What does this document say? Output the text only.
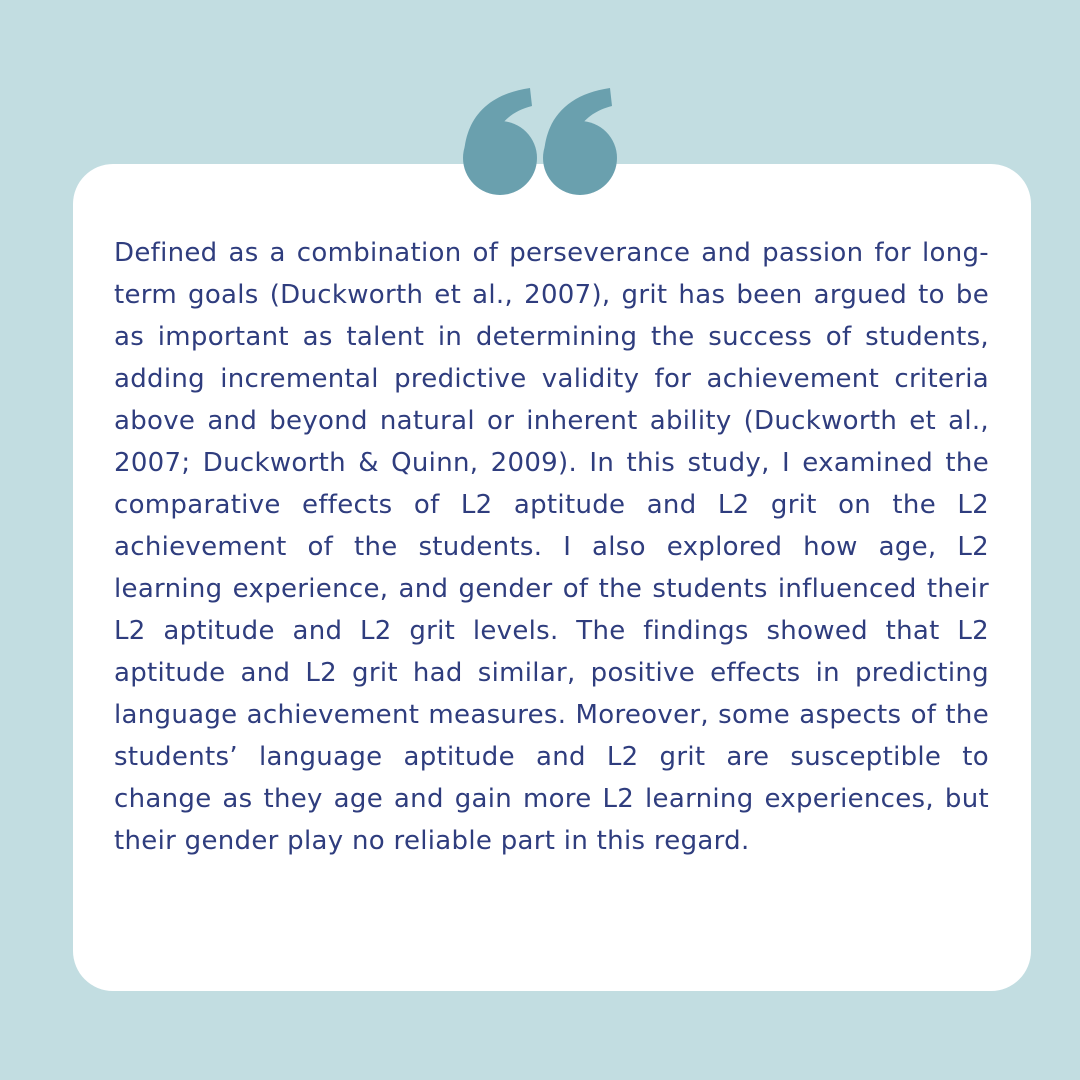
Defined as a combination of perseverance and passion for long-term goals (Duckworth et al., 2007), grit has been argued to be as important as talent in determining the success of students, adding incremental predictive validity for achievement criteria above and beyond natural or inherent ability (Duckworth et al., 2007; Duckworth & Quinn, 2009). In this study, I examined the comparative effects of L2 aptitude and L2 grit on the L2 achievement of the students. I also explored how age, L2 learning experience, and gender of the students influenced their L2 aptitude and L2 grit levels. The findings showed that L2 aptitude and L2 grit had similar, positive effects in predicting language achievement measures. Moreover, some aspects of the students’ language aptitude and L2 grit are susceptible to change as they age and gain more L2 learning experiences, but their gender play no reliable part in this regard.
